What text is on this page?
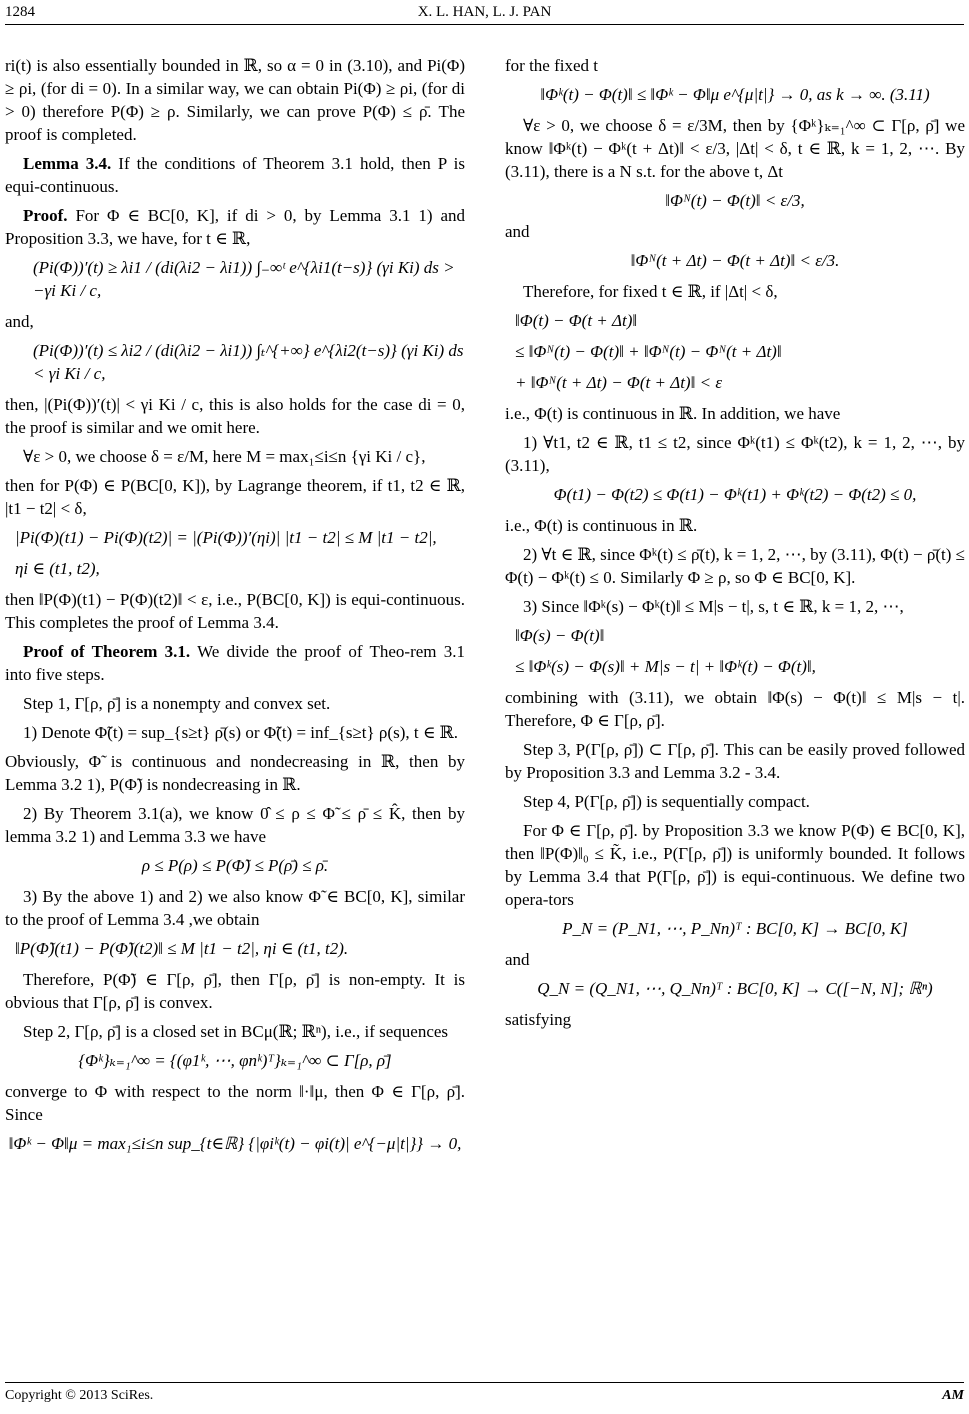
1284	X. L. HAN, L. J. PAN

ri(t) is also essentially bounded in ℝ, so α = 0 in (3.10), and Pi(Φ) ≥ ρi, (for di = 0). In a similar way, we can obtain Pi(Φ) ≥ ρi, (for di > 0) therefore P(Φ) ≥ ρ. Similarly, we can prove P(Φ) ≤ ρ̄. The proof is completed.

Lemma 3.4. If the conditions of Theorem 3.1 hold, then P is equi-continuous.

Proof. For Φ ∈ BC[0, K], if di > 0, by Lemma 3.1 1) and Proposition 3.3, we have, for t ∈ ℝ,

(Pi(Φ))′(t) ≥ λi1 / (di(λi2 − λi1)) ∫₋∞ᵗ e^{λi1(t−s)} (γi Ki) ds > −γi Ki / c,

and,

(Pi(Φ))′(t) ≤ λi2 / (di(λi2 − λi1)) ∫ₜ^{+∞} e^{λi2(t−s)} (γi Ki) ds < γi Ki / c,

then, |(Pi(Φ))′(t)| < γi Ki / c, this is also holds for the case di = 0, the proof is similar and we omit here.

∀ε > 0, we choose δ = ε/M, here M = max₁≤i≤n {γi Ki / c},

then for P(Φ) ∈ P(BC[0, K]), by Lagrange theorem, if t1, t2 ∈ ℝ, |t1 − t2| < δ,

|Pi(Φ)(t1) − Pi(Φ)(t2)| = |(Pi(Φ))′(ηi)| |t1 − t2| ≤ M |t1 − t2|,
ηi ∈ (t1, t2),

then ‖P(Φ)(t1) − P(Φ)(t2)‖ < ε, i.e., P(BC[0, K]) is equi-continuous. This completes the proof of Lemma 3.4.

Proof of Theorem 3.1. We divide the proof of Theo-rem 3.1 into five steps.

Step 1, Γ[ρ, ρ̄] is a nonempty and convex set.

1) Denote Φ̃(t) = sup_{s≥t} ρ̄(s) or Φ̃(t) = inf_{s≥t} ρ(s), t ∈ ℝ.

Obviously, Φ̃ is continuous and nondecreasing in ℝ, then by Lemma 3.2 1), P(Φ̃) is nondecreasing in ℝ.

2) By Theorem 3.1(a), we know 0̂ ≤ ρ ≤ Φ̃ ≤ ρ̄ ≤ K̂, then by lemma 3.2 1) and Lemma 3.3 we have

ρ ≤ P(ρ) ≤ P(Φ̃) ≤ P(ρ̄) ≤ ρ̄.

3) By the above 1) and 2) we also know Φ̃ ∈ BC[0, K], similar to the proof of Lemma 3.4 ,we obtain

‖P(Φ̃)(t1) − P(Φ̃)(t2)‖ ≤ M |t1 − t2|, ηi ∈ (t1, t2).

Therefore, P(Φ̃) ∈ Γ[ρ, ρ̄], then Γ[ρ, ρ̄] is non-empty. It is obvious that Γ[ρ, ρ̄] is convex.

Step 2, Γ[ρ, ρ̄] is a closed set in BCμ(ℝ; ℝⁿ), i.e., if sequences

{Φᵏ}ₖ₌₁^∞ = {(φ1ᵏ, ⋯, φnᵏ)ᵀ}ₖ₌₁^∞ ⊂ Γ[ρ, ρ̄]

converge to Φ with respect to the norm ‖·‖μ, then Φ ∈ Γ[ρ, ρ̄]. Since

‖Φᵏ − Φ‖μ = max₁≤i≤n sup_{t∈ℝ} {|φiᵏ(t) − φi(t)| e^{−μ|t|}} → 0,

for the fixed t

‖Φᵏ(t) − Φ(t)‖ ≤ ‖Φᵏ − Φ‖μ e^{μ|t|} → 0, as k → ∞. (3.11)

∀ε > 0, we choose δ = ε/3M, then by {Φᵏ}ₖ₌₁^∞ ⊂ Γ[ρ, ρ̄] we know ‖Φᵏ(t) − Φᵏ(t + Δt)‖ < ε/3, |Δt| < δ, t ∈ ℝ, k = 1, 2, ⋯. By (3.11), there is a N s.t. for the above t, Δt

‖Φᴺ(t) − Φ(t)‖ < ε/3,

and

‖Φᴺ(t + Δt) − Φ(t + Δt)‖ < ε/3.

Therefore, for fixed t ∈ ℝ, if |Δt| < δ,

‖Φ(t) − Φ(t + Δt)‖
≤ ‖Φᴺ(t) − Φ(t)‖ + ‖Φᴺ(t) − Φᴺ(t + Δt)‖
+ ‖Φᴺ(t + Δt) − Φ(t + Δt)‖ < ε

i.e., Φ(t) is continuous in ℝ. In addition, we have

1) ∀t1, t2 ∈ ℝ, t1 ≤ t2, since Φᵏ(t1) ≤ Φᵏ(t2), k = 1, 2, ⋯, by (3.11),

Φ(t1) − Φ(t2) ≤ Φ(t1) − Φᵏ(t1) + Φᵏ(t2) − Φ(t2) ≤ 0,

i.e., Φ(t) is continuous in ℝ.

2) ∀t ∈ ℝ, since Φᵏ(t) ≤ ρ̄(t), k = 1, 2, ⋯, by (3.11), Φ(t) − ρ̄(t) ≤ Φ(t) − Φᵏ(t) ≤ 0. Similarly Φ ≥ ρ, so Φ ∈ BC[0, K].

3) Since ‖Φᵏ(s) − Φᵏ(t)‖ ≤ M|s − t|, s, t ∈ ℝ, k = 1, 2, ⋯,

‖Φ(s) − Φ(t)‖
≤ ‖Φᵏ(s) − Φ(s)‖ + M|s − t| + ‖Φᵏ(t) − Φ(t)‖,

combining with (3.11), we obtain ‖Φ(s) − Φ(t)‖ ≤ M|s − t|. Therefore, Φ ∈ Γ[ρ, ρ̄].

Step 3, P(Γ[ρ, ρ̄]) ⊂ Γ[ρ, ρ̄]. This can be easily proved followed by Proposition 3.3 and Lemma 3.2 - 3.4.

Step 4, P(Γ[ρ, ρ̄]) is sequentially compact.

For Φ ∈ Γ[ρ, ρ̄]. by Proposition 3.3 we know P(Φ) ∈ BC[0, K], then ‖P(Φ)‖₀ ≤ K̃, i.e., P(Γ[ρ, ρ̄]) is uniformly bounded. It follows by Lemma 3.4 that P(Γ[ρ, ρ̄]) is equi-continuous. We define two opera-tors

P_N = (P_N1, ⋯, P_Nn)ᵀ : BC[0, K] → BC[0, K]

and

Q_N = (Q_N1, ⋯, Q_Nn)ᵀ : BC[0, K] → C([−N, N]; ℝⁿ)

satisfying

Copyright © 2013 SciRes.	AM
